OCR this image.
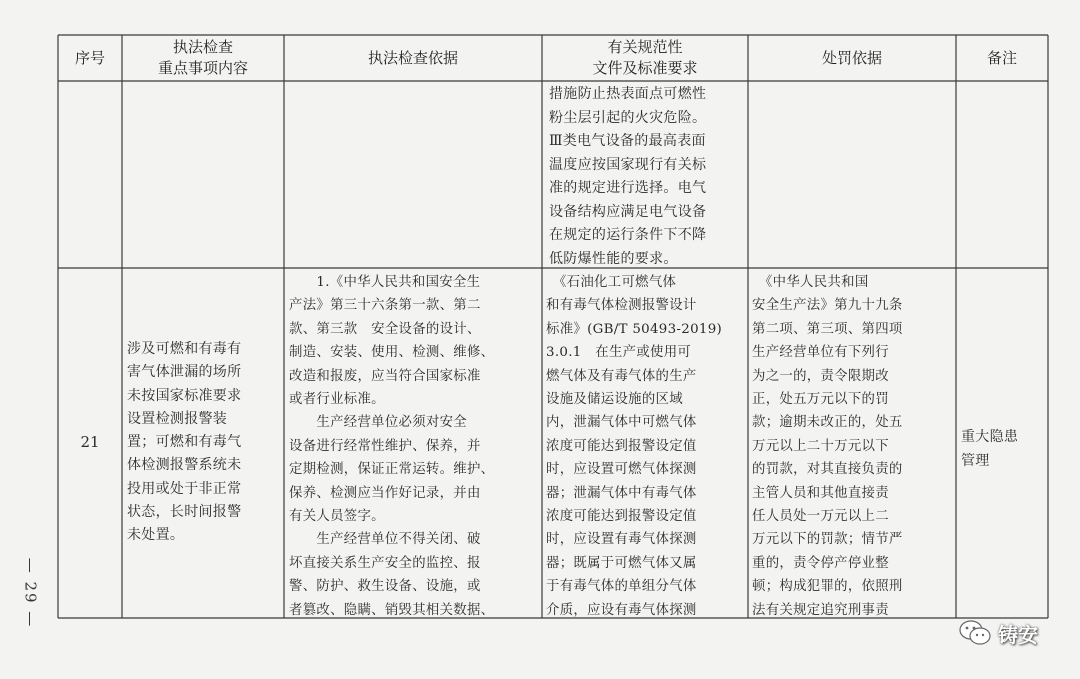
序号
执法检查
重点事项内容
执法检查依据
有关规范性
文件及标准要求
处罚依据	备注
措施防止热表面点可燃性
粉尘层引起的火灾危险。
Ⅲ类电气设备的最高表面
温度应按国家现行有关标
准的规定进行选择。电气
设备结构应满足电气设备
在规定的运行条件下不降
低防爆性能的要求。
21
涉及可燃和有毒有
害气体泄漏的场所
未按国家标准要求
设置检测报警装
置；可燃和有毒气
体检测报警系统未
投用或处于非正常
状态，长时间报警
未处置。
　　1.《中华人民共和国安全生
产法》第三十六条第一款、第二
款、第三款　安全设备的设计、
制造、安装、使用、检测、维修、
改造和报废，应当符合国家标准
或者行业标准。
　　生产经营单位必须对安全
设备进行经常性维护、保养，并
定期检测，保证正常运转。维护、
保养、检测应当作好记录，并由
有关人员签字。
　　生产经营单位不得关闭、破
坏直接关系生产安全的监控、报
警、防护、救生设备、设施，或
者篡改、隐瞒、销毁其相关数据、
　《石油化工可燃气体
和有毒气体检测报警设计
标准》(GB/T 50493-2019)
3.0.1　在生产或使用可
燃气体及有毒气体的生产
设施及储运设施的区域
内，泄漏气体中可燃气体
浓度可能达到报警设定值
时，应设置可燃气体探测
器；泄漏气体中有毒气体
浓度可能达到报警设定值
时，应设置有毒气体探测
器；既属于可燃气体又属
于有毒气体的单组分气体
介质，应设有毒气体探测
　《中华人民共和国
安全生产法》第九十九条
第二项、第三项、第四项
生产经营单位有下列行
为之一的，责令限期改
正，处五万元以下的罚
款；逾期未改正的，处五
万元以上二十万元以下
的罚款，对其直接负责的
主管人员和其他直接责
任人员处一万元以上二
万元以下的罚款；情节严
重的，责令停产停业整
顿；构成犯罪的，依照刑
法有关规定追究刑事责
重大隐患
管理
— 29 —
铸安
